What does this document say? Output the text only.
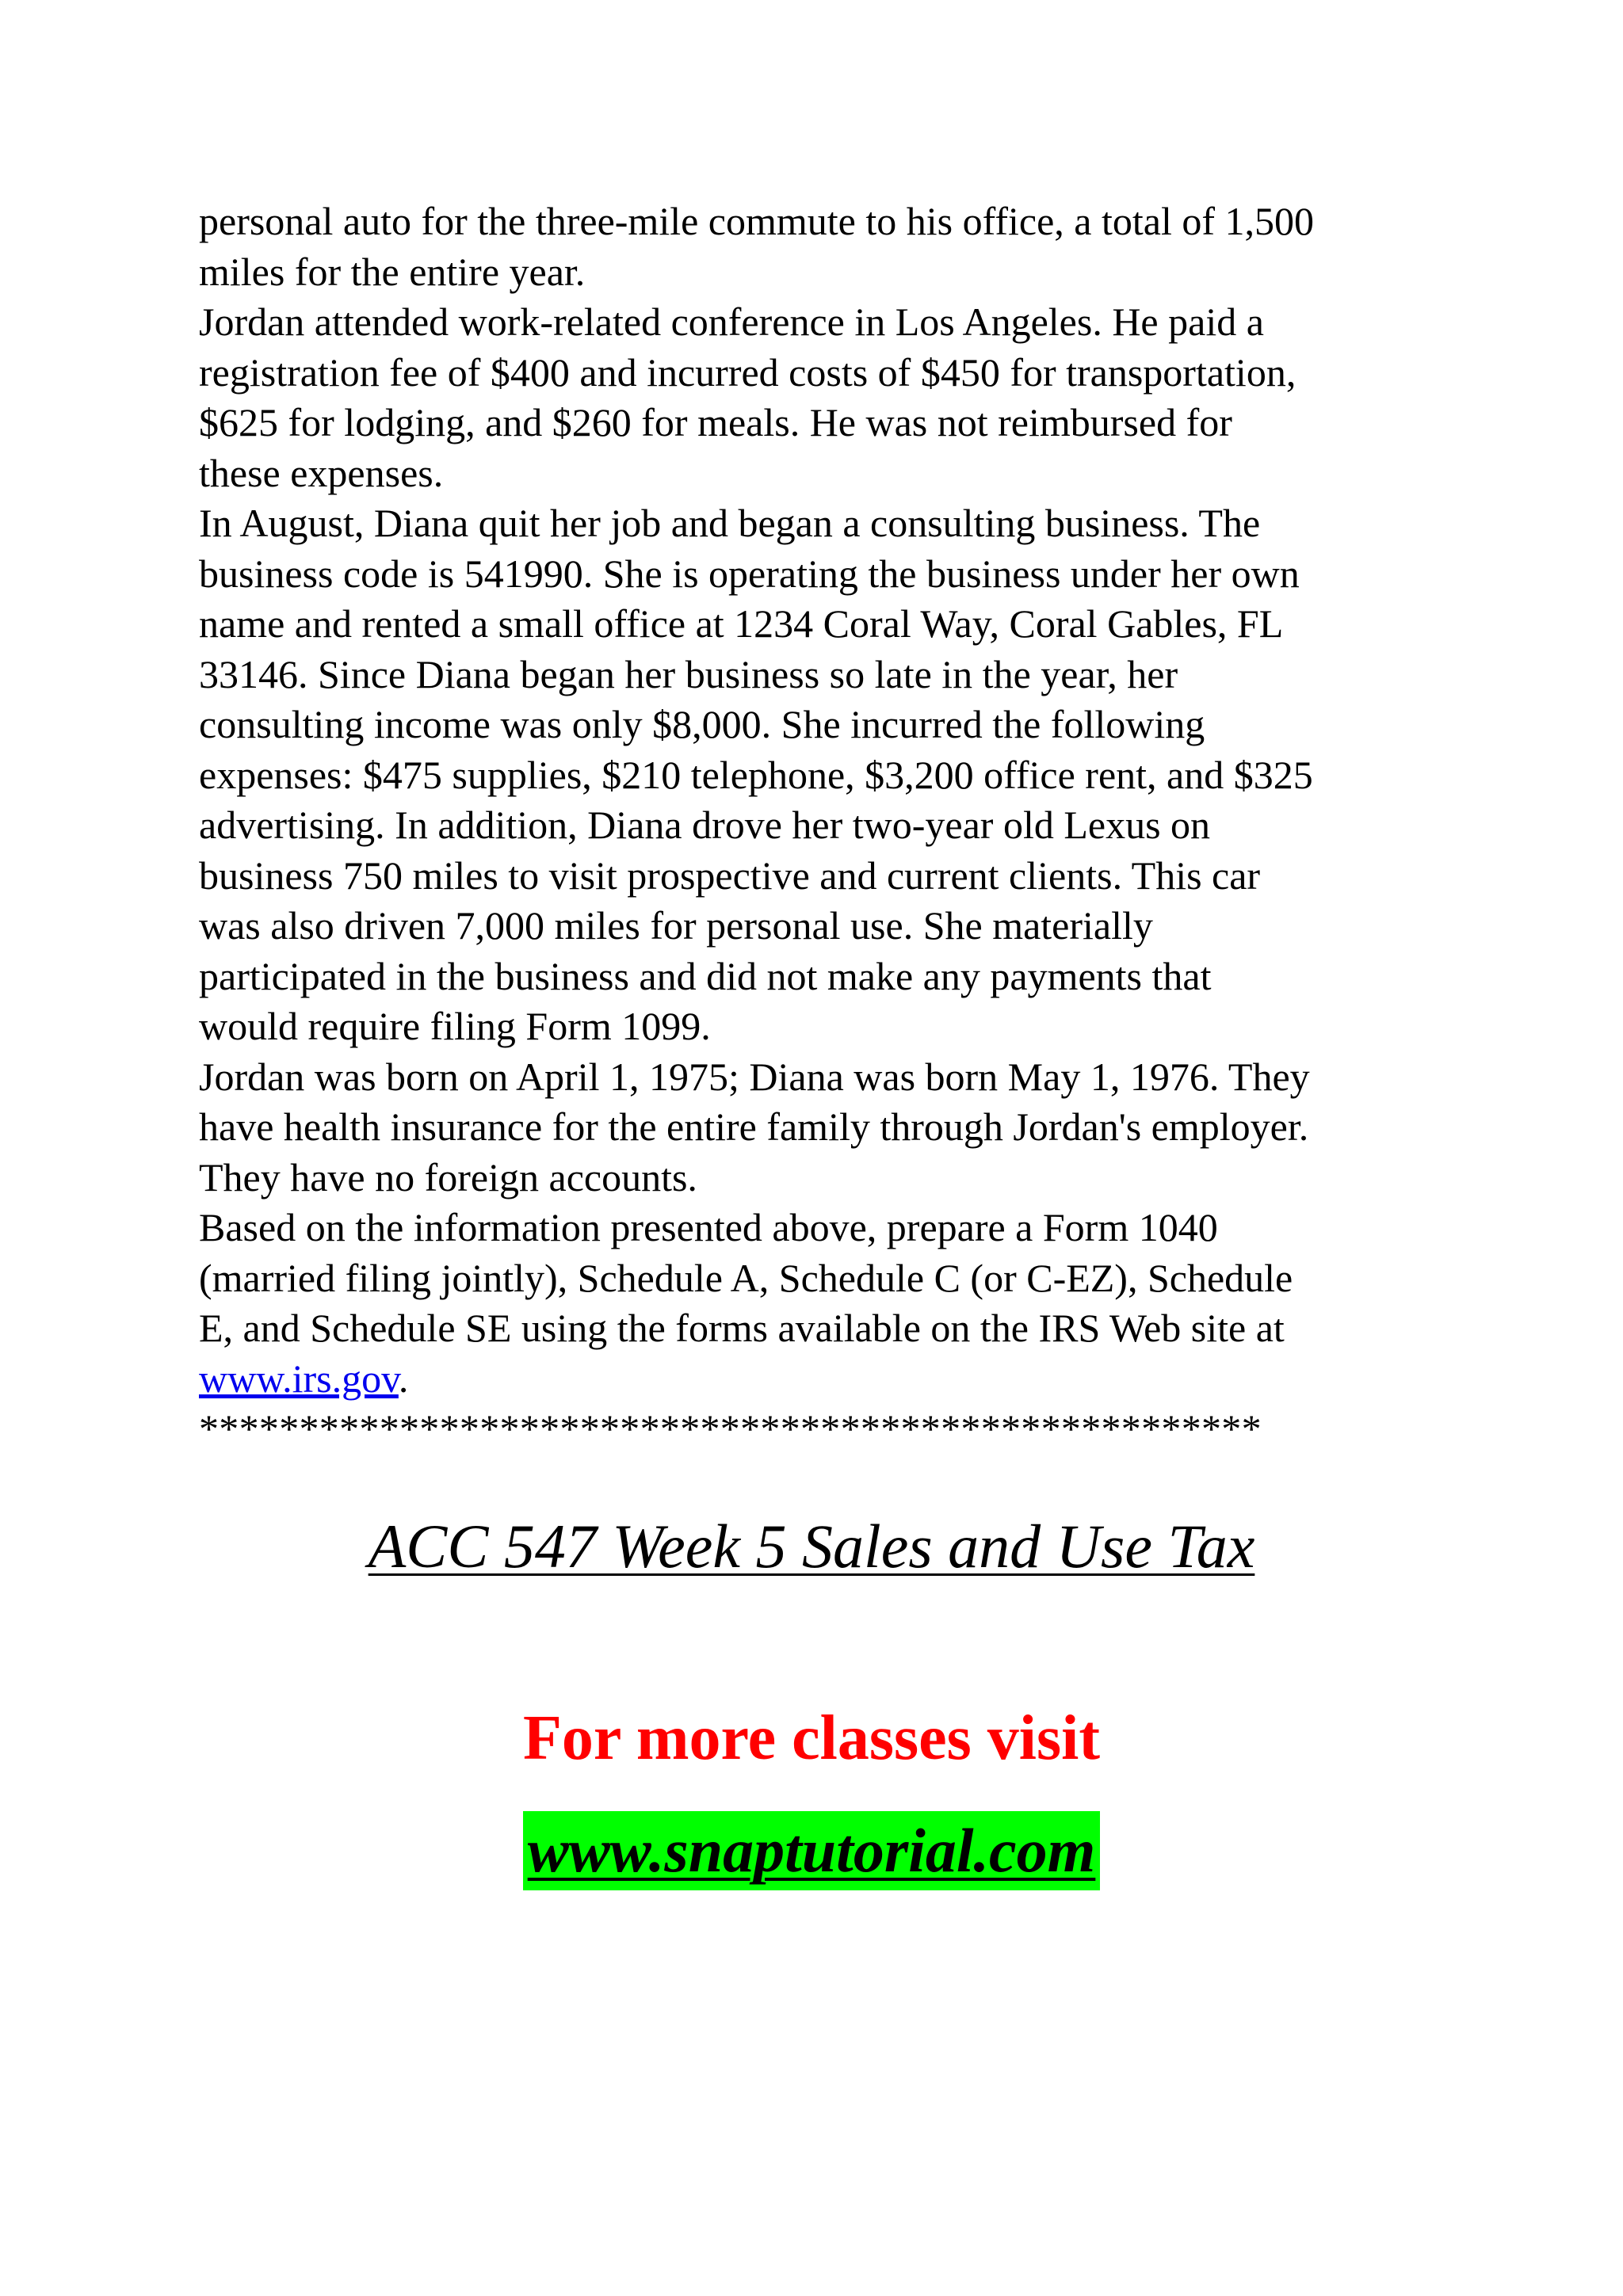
personal auto for the three-mile commute to his office, a total of 1,500
miles for the entire year.
Jordan attended work-related conference in Los Angeles. He paid a
registration fee of $400 and incurred costs of $450 for transportation,
$625 for lodging, and $260 for meals. He was not reimbursed for
these expenses.
In August, Diana quit her job and began a consulting business. The
business code is 541990. She is operating the business under her own
name and rented a small office at 1234 Coral Way, Coral Gables, FL
33146. Since Diana began her business so late in the year, her
consulting income was only $8,000. She incurred the following
expenses: $475 supplies, $210 telephone, $3,200 office rent, and $325
advertising. In addition, Diana drove her two-year old Lexus on
business 750 miles to visit prospective and current clients. This car
was also driven 7,000 miles for personal use. She materially
participated in the business and did not make any payments that
would require filing Form 1099.
Jordan was born on April 1, 1975; Diana was born May 1, 1976. They
have health insurance for the entire family through Jordan's employer.
They have no foreign accounts.
Based on the information presented above, prepare a Form 1040
(married filing jointly), Schedule A, Schedule C (or C-EZ), Schedule
E, and Schedule SE using the forms available on the IRS Web site at
www.irs.gov.
*****************************************************
ACC 547 Week 5 Sales and Use Tax
For more classes visit
www.snaptutorial.com
